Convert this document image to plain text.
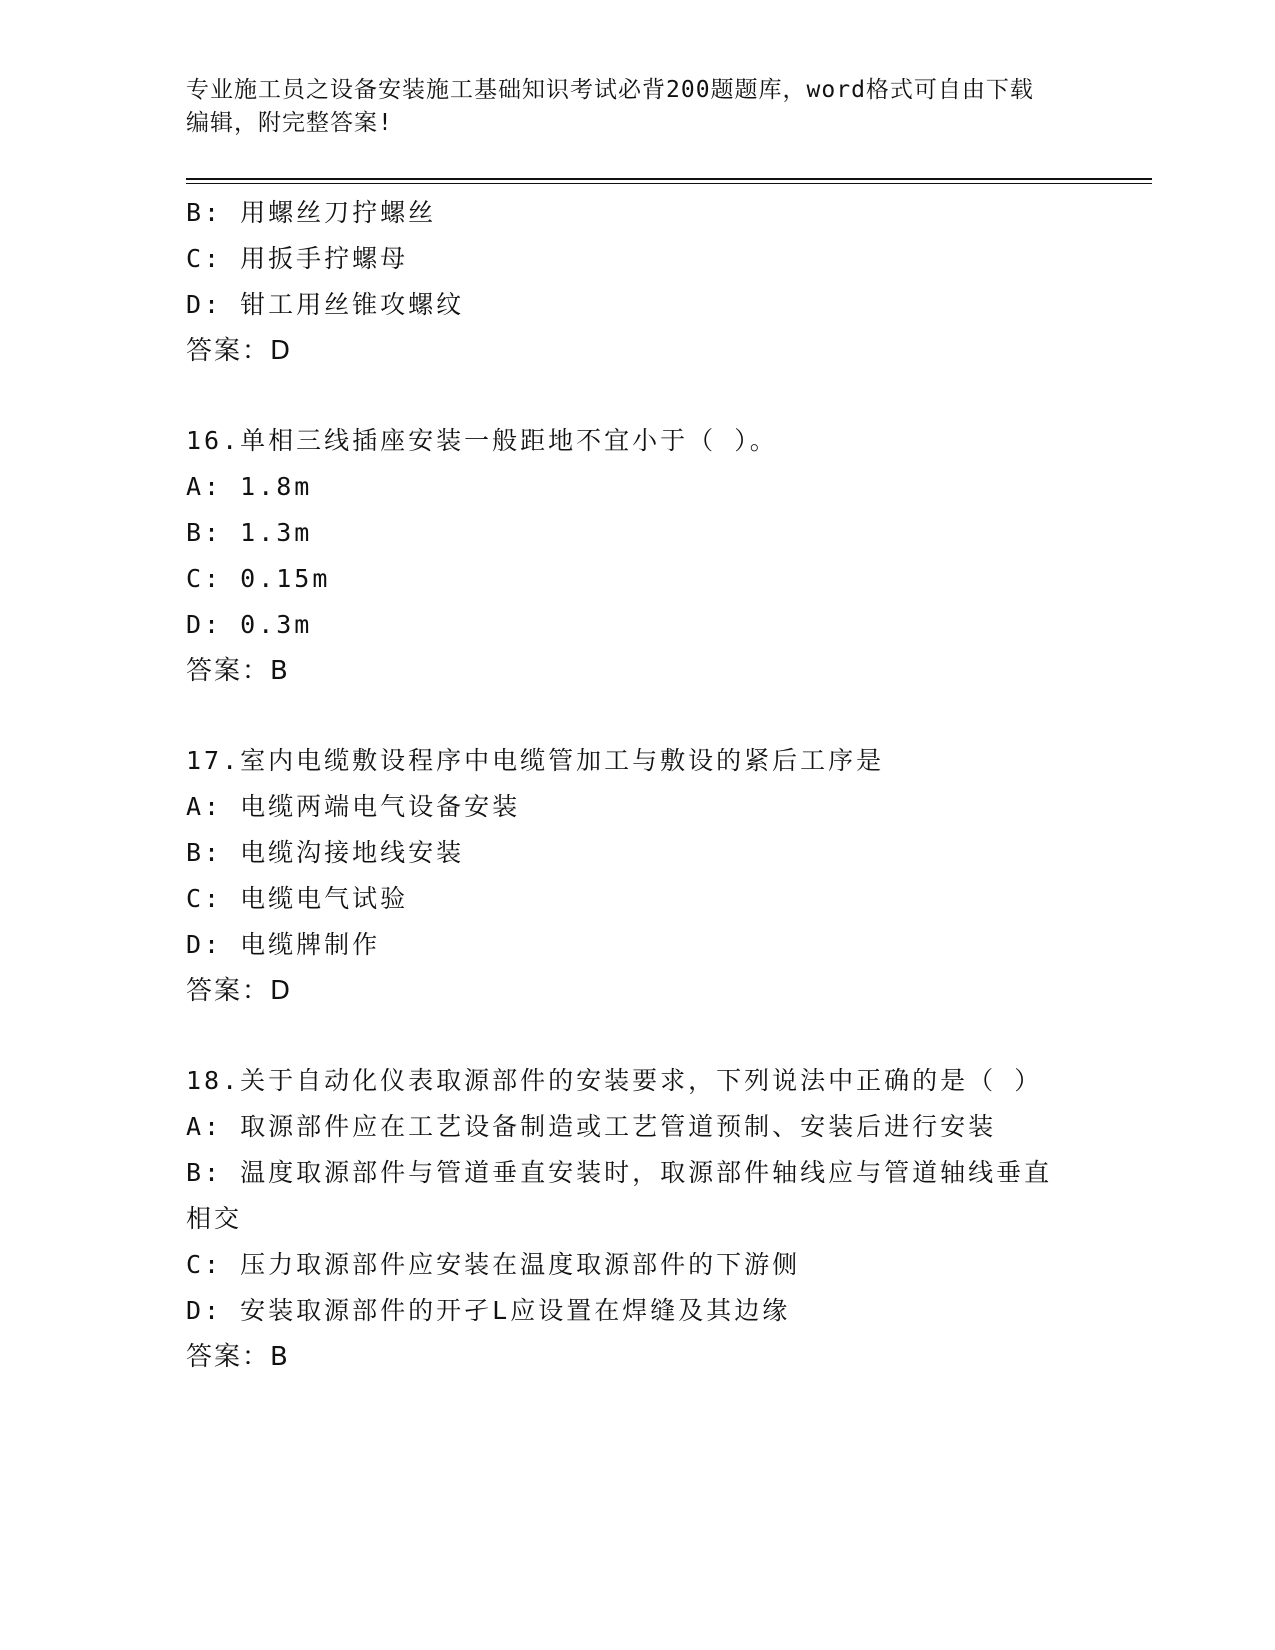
专业施工员之设备安装施工基础知识考试必背200题题库，word格式可自由下载
编辑，附完整答案!
B: 用螺丝刀拧螺丝
C: 用扳手拧螺母
D: 钳工用丝锥攻螺纹
答案：D
16.单相三线插座安装一般距地不宜小于（ ）。
A: 1.8m
B: 1.3m
C: 0.15m
D: 0.3m
答案：B
17.室内电缆敷设程序中电缆管加工与敷设的紧后工序是
A: 电缆两端电气设备安装
B: 电缆沟接地线安装
C: 电缆电气试验
D: 电缆牌制作
答案：D
18.关于自动化仪表取源部件的安装要求，下列说法中正确的是（ ）
A: 取源部件应在工艺设备制造或工艺管道预制、安装后进行安装
B: 温度取源部件与管道垂直安装时，取源部件轴线应与管道轴线垂直
相交
C: 压力取源部件应安装在温度取源部件的下游侧
D: 安装取源部件的开孑L应设置在焊缝及其边缘
答案：B
